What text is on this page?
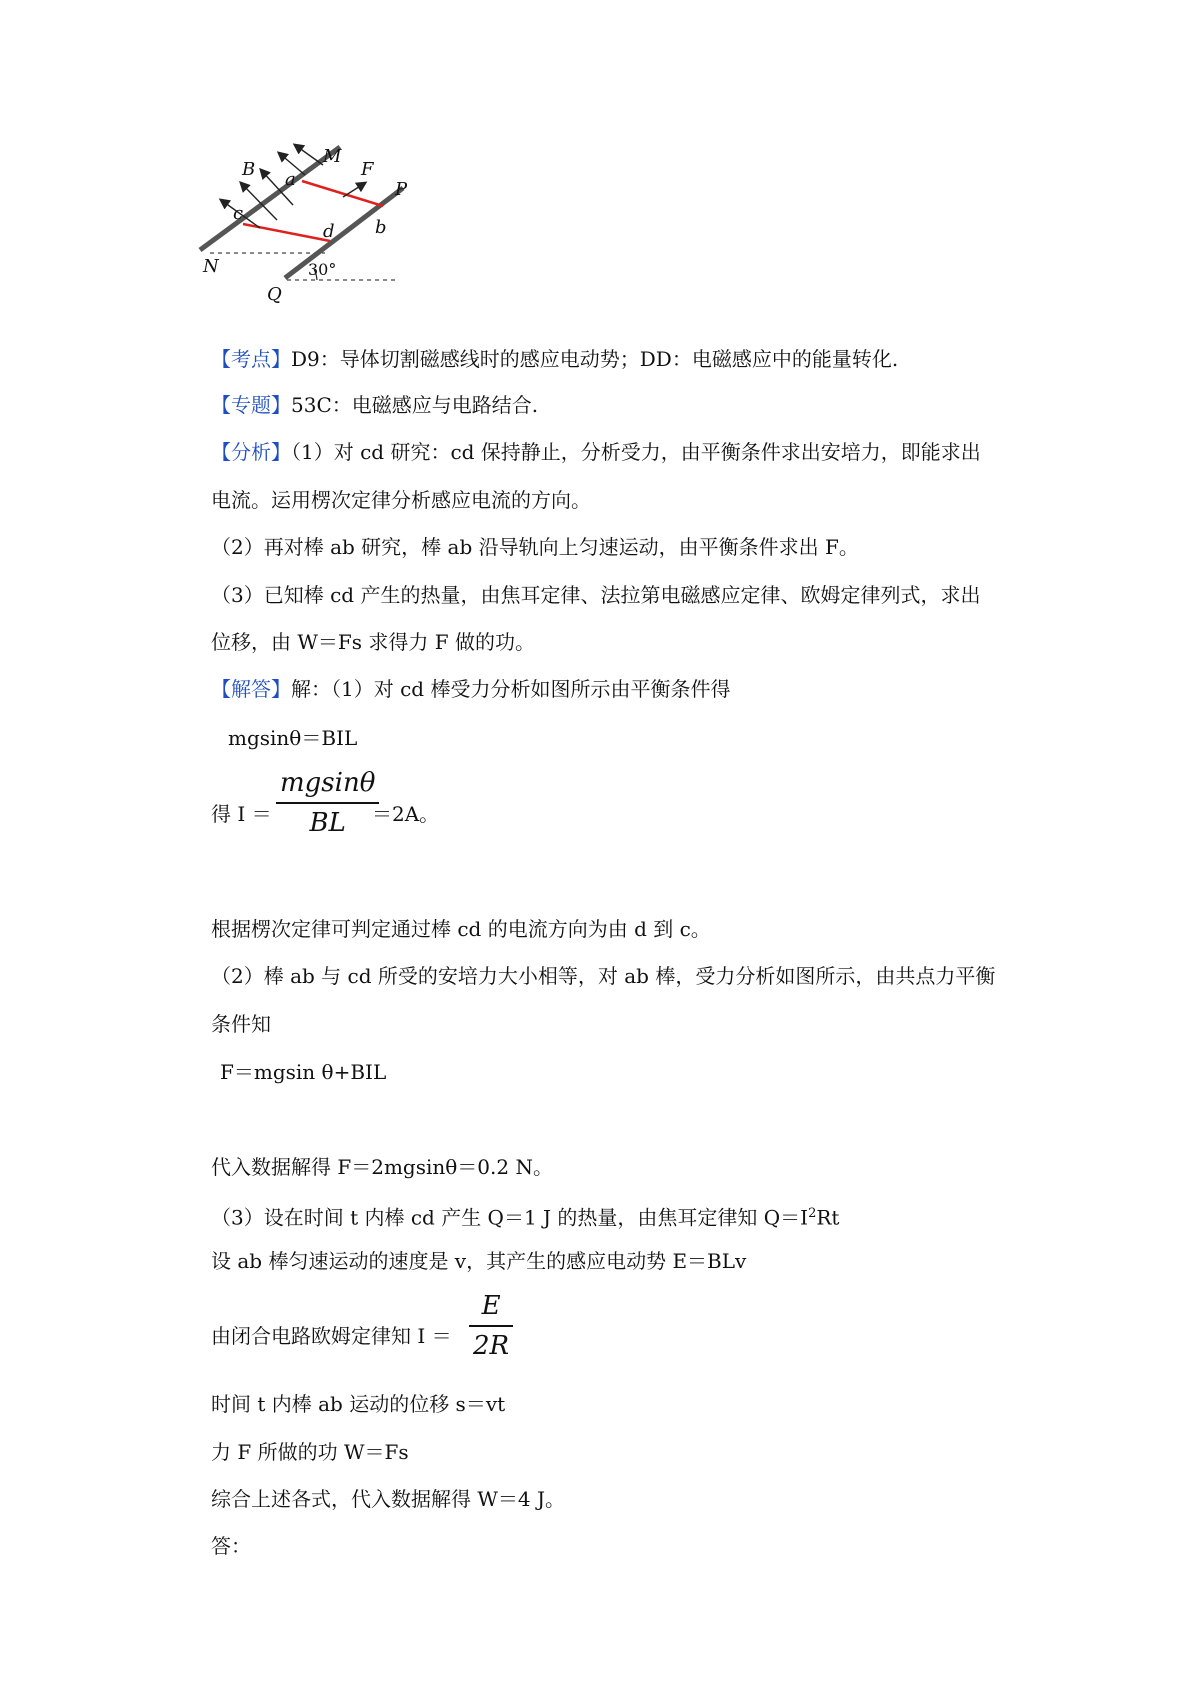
B
M
F
P
a
c
d b
N
Q
30°
【考点】D9：导体切割磁感线时的感应电动势；DD：电磁感应中的能量转化.
【专题】53C：电磁感应与电路结合.
【分析】（1）对 cd 研究：cd 保持静止，分析受力，由平衡条件求出安培力，即能求出
电流。运用楞次定律分析感应电流的方向。
（2）再对棒 ab 研究，棒 ab 沿导轨向上匀速运动，由平衡条件求出 F。
（3）已知棒 cd 产生的热量，由焦耳定律、法拉第电磁感应定律、欧姆定律列式，求出
位移，由 W＝Fs 求得力 F 做的功。
【解答】解：（1）对 cd 棒受力分析如图所示由平衡条件得
mgsinθ＝BIL
得 I ＝
mgsinθ
BL ＝2A。
根据楞次定律可判定通过棒 cd 的电流方向为由 d 到 c。
（2）棒 ab 与 cd 所受的安培力大小相等，对 ab 棒，受力分析如图所示，由共点力平衡
条件知
F＝mgsin θ+BIL
代入数据解得 F＝2mgsinθ＝0.2 N。
（3）设在时间 t 内棒 cd 产生 Q＝1 J 的热量，由焦耳定律知 $Q=I^2Rt$
设 ab 棒匀速运动的速度是 v，其产生的感应电动势 E＝BLv
由闭合电路欧姆定律知 I ＝
E
2R
时间 t 内棒 ab 运动的位移 s＝vt
力 F 所做的功 W＝Fs
综合上述各式，代入数据解得 W＝4 J。
答：
